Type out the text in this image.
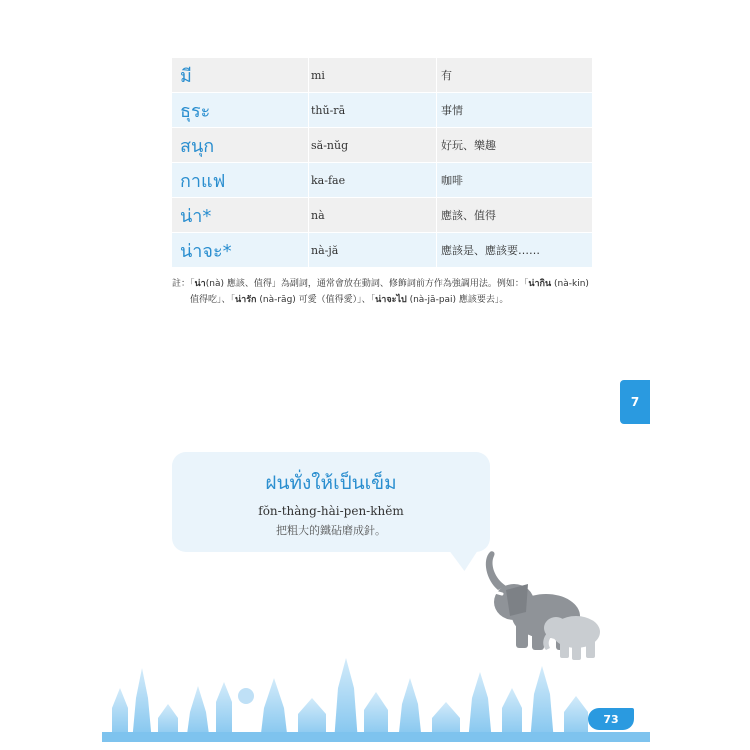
มี	mi	有
ธุระ	thŭ-rā	事情
สนุก	să-nŭg	好玩、樂趣
กาแฟ	ka-fae	咖啡
น่า*	nà	應該、值得
น่าจะ*	nà-jă	應該是、應該要……
註：「น่า(nà) 應該、值得」為副詞，通常會放在動詞、修飾詞前方作為強調用法。例如：「น่ากิน (nà-kin)
值得吃」、「น่ารัก (nà-rāg) 可愛（值得愛）」、「น่าจะไป (nà-jā-pai) 應該要去」。
7
ฝนทั่งให้เป็นเข็ม
fŏn-thàng-hài-pen-khĕm
把粗大的鐵砧磨成針。
73
